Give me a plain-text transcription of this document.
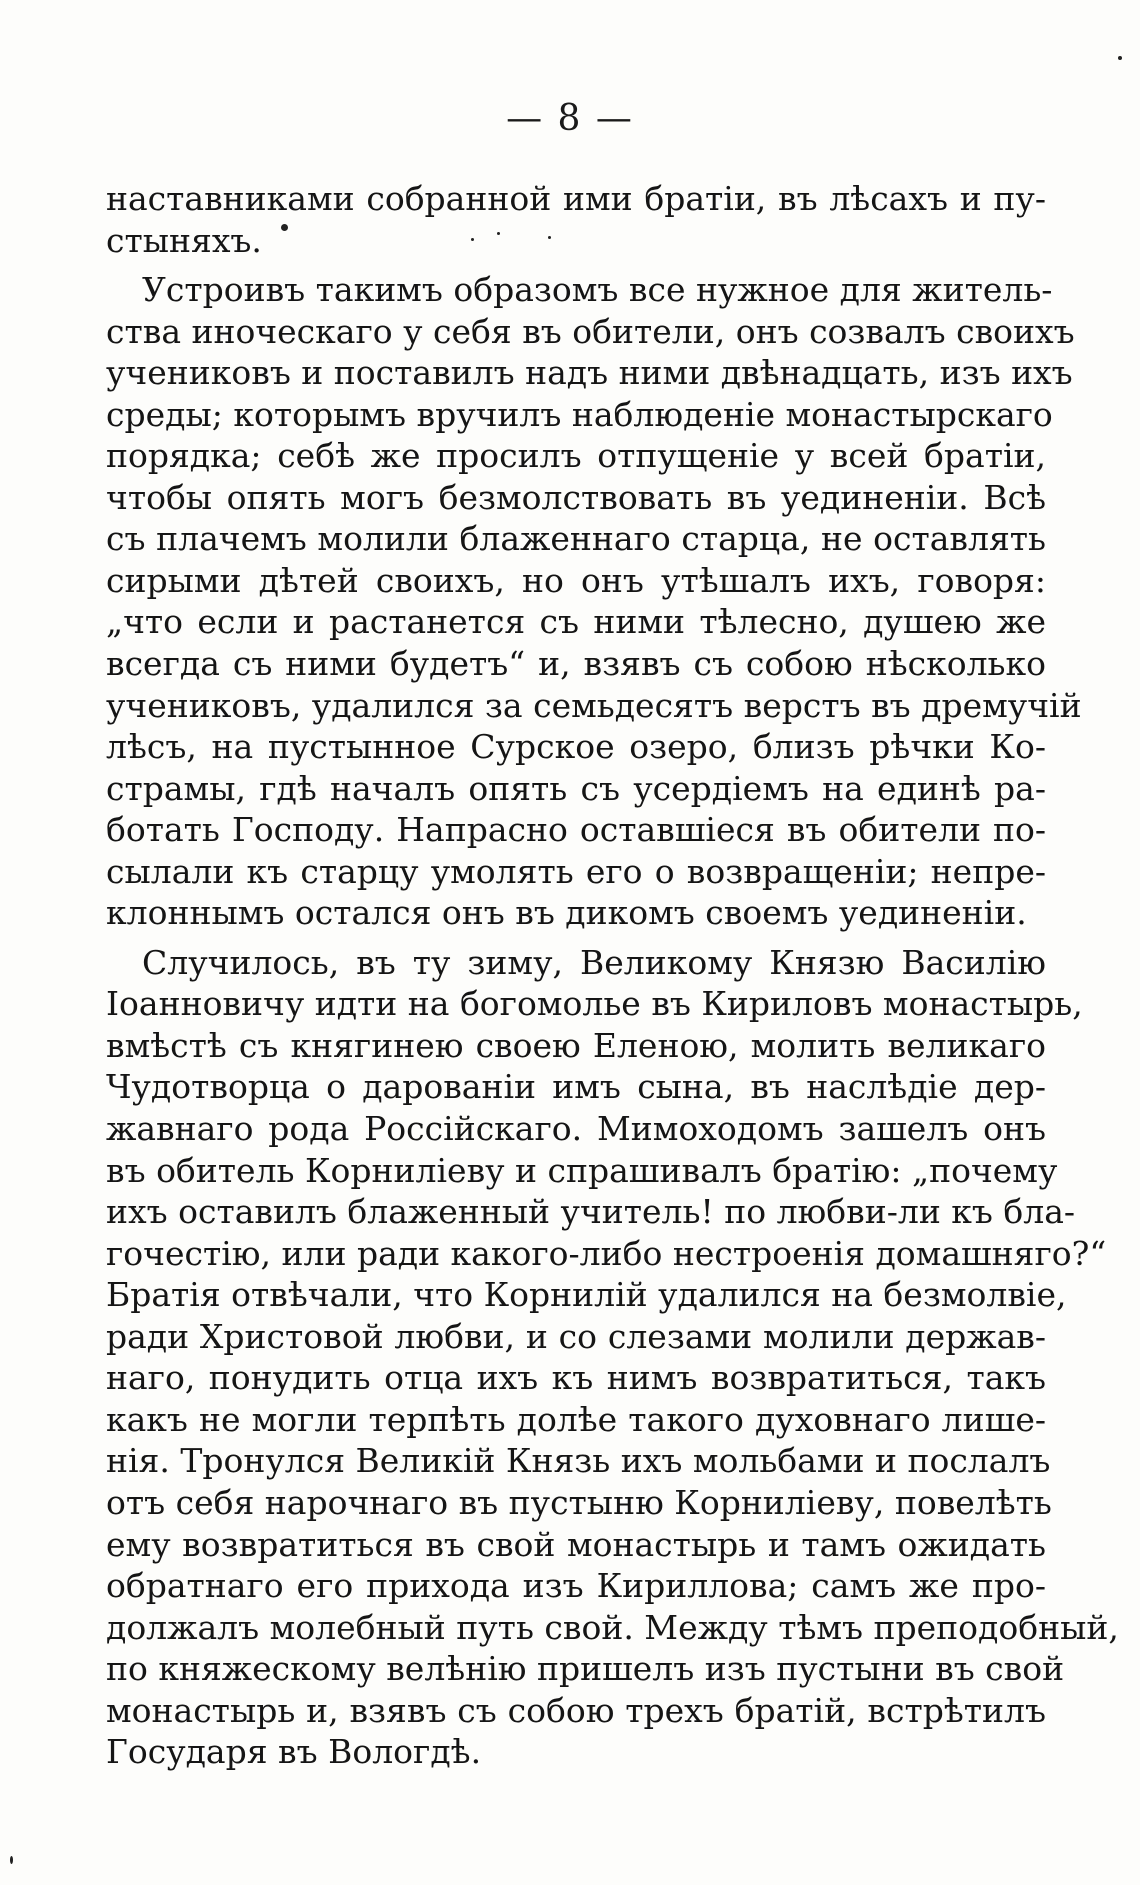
— 8 —
наставниками собранной ими братіи, въ лѣсахъ и пу-
стыняхъ.
Устроивъ такимъ образомъ все нужное для житель-
ства иноческаго у себя въ обители, онъ созвалъ своихъ
учениковъ и поставилъ надъ ними двѣнадцать, изъ ихъ
среды; которымъ вручилъ наблюденіе монастырскаго
порядка; себѣ же просилъ отпущеніе у всей братіи,
чтобы опять могъ безмолствовать въ уединеніи. Всѣ
съ плачемъ молили блаженнаго старца, не оставлять
сирыми дѣтей своихъ, но онъ утѣшалъ ихъ, говоря:
„что если и растанется съ ними тѣлесно, душею же
всегда съ ними будетъ“ и, взявъ съ собою нѣсколько
учениковъ, удалился за семьдесятъ верстъ въ дремучій
лѣсъ, на пустынное Сурское озеро, близъ рѣчки Ко-
страмы, гдѣ началъ опять съ усердіемъ на единѣ ра-
ботать Господу. Напрасно оставшіеся въ обители по-
сылали къ старцу умолять его о возвращеніи; непре-
клоннымъ остался онъ въ дикомъ своемъ уединеніи.
Случилось, въ ту зиму, Великому Князю Василію
Іоанновичу идти на богомолье въ Кириловъ монастырь,
вмѣстѣ съ княгинею своею Еленою, молить великаго
Чудотворца о дарованіи имъ сына, въ наслѣдіе дер-
жавнаго рода Россійскаго. Мимоходомъ зашелъ онъ
въ обитель Корниліеву и спрашивалъ братію: „почему
ихъ оставилъ блаженный учитель! по любви-ли къ бла-
гочестію, или ради какого-либо нестроенія домашняго?“
Братія отвѣчали, что Корнилій удалился на безмолвіе,
ради Христовой любви, и со слезами молили держав-
наго, понудить отца ихъ къ нимъ возвратиться, такъ
какъ не могли терпѣть долѣе такого духовнаго лише-
нія. Тронулся Великій Князь ихъ мольбами и послалъ
отъ себя нарочнаго въ пустыню Корниліеву, повелѣть
ему возвратиться въ свой монастырь и тамъ ожидать
обратнаго его прихода изъ Кириллова; самъ же про-
должалъ молебный путь свой. Между тѣмъ преподобный,
по княжескому велѣнію пришелъ изъ пустыни въ свой
монастырь и, взявъ съ собою трехъ братій, встрѣтилъ
Государя въ Вологдѣ.
